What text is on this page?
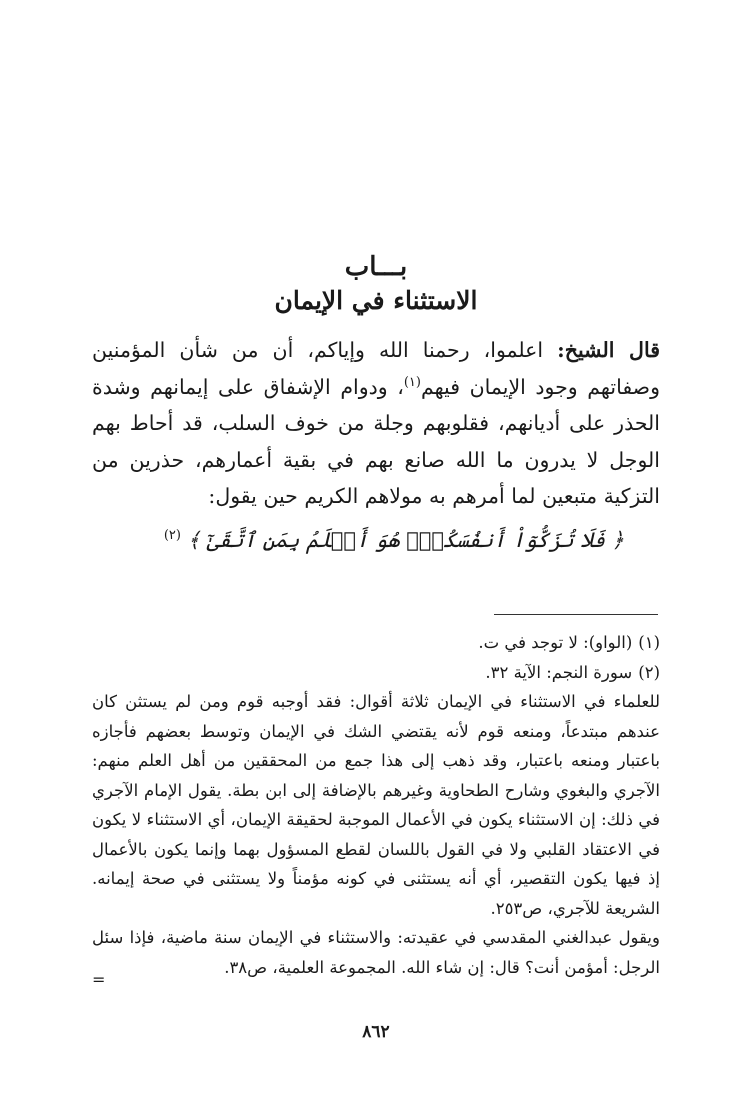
بـــاب

الاستثناء في الإيمان

قال الشيخ: اعلموا، رحمنا الله وإياكم، أن من شأن المؤمنين وصفاتهم وجود الإيمان فيهم$^{(١)}$، ودوام الإشفاق على إيمانهم وشدة الحذر على أديانهم، فقلوبهم وجلة من خوف السلب، قد أحاط بهم الوجل لا يدرون ما الله صانع بهم في بقية أعمارهم، حذرين من التزكية متبعين لما أمرهم به مولاهم الكريم حين يقول:

﴿ فَلَا تُزَكُّوٓاْ أَنفُسَكُمۡۖ هُوَ أَعۡلَمُ بِمَنِ ٱتَّقَىٰٓ ﴾ $^{(٢)}$

(١)(الواو): لا توجد في ت.

(٢)سورة النجم: الآية ٣٢.

للعلماء في الاستثناء في الإيمان ثلاثة أقوال: فقد أوجبه قوم ومن لم يستثن كان عندهم مبتدعاً، ومنعه قوم لأنه يقتضي الشك في الإيمان وتوسط بعضهم فأجازه باعتبار ومنعه باعتبار، وقد ذهب إلى هذا جمع من المحققين من أهل العلم منهم: الآجري والبغوي وشارح الطحاوية وغيرهم بالإضافة إلى ابن بطة. يقول الإمام الآجري في ذلك: إن الاستثناء يكون في الأعمال الموجبة لحقيقة الإيمان، أي الاستثناء لا يكون في الاعتقاد القلبي ولا في القول باللسان لقطع المسؤول بهما وإنما يكون بالأعمال إذ فيها يكون التقصير، أي أنه يستثنى في كونه مؤمناً ولا يستثنى في صحة إيمانه. الشريعة للآجري، ص٢٥٣.

ويقول عبدالغني المقدسي في عقيدته: والاستثناء في الإيمان سنة ماضية، فإذا سئل الرجل: أمؤمن أنت؟ قال: إن شاء الله. المجموعة العلمية، ص٣٨.

=

٨٦٢
